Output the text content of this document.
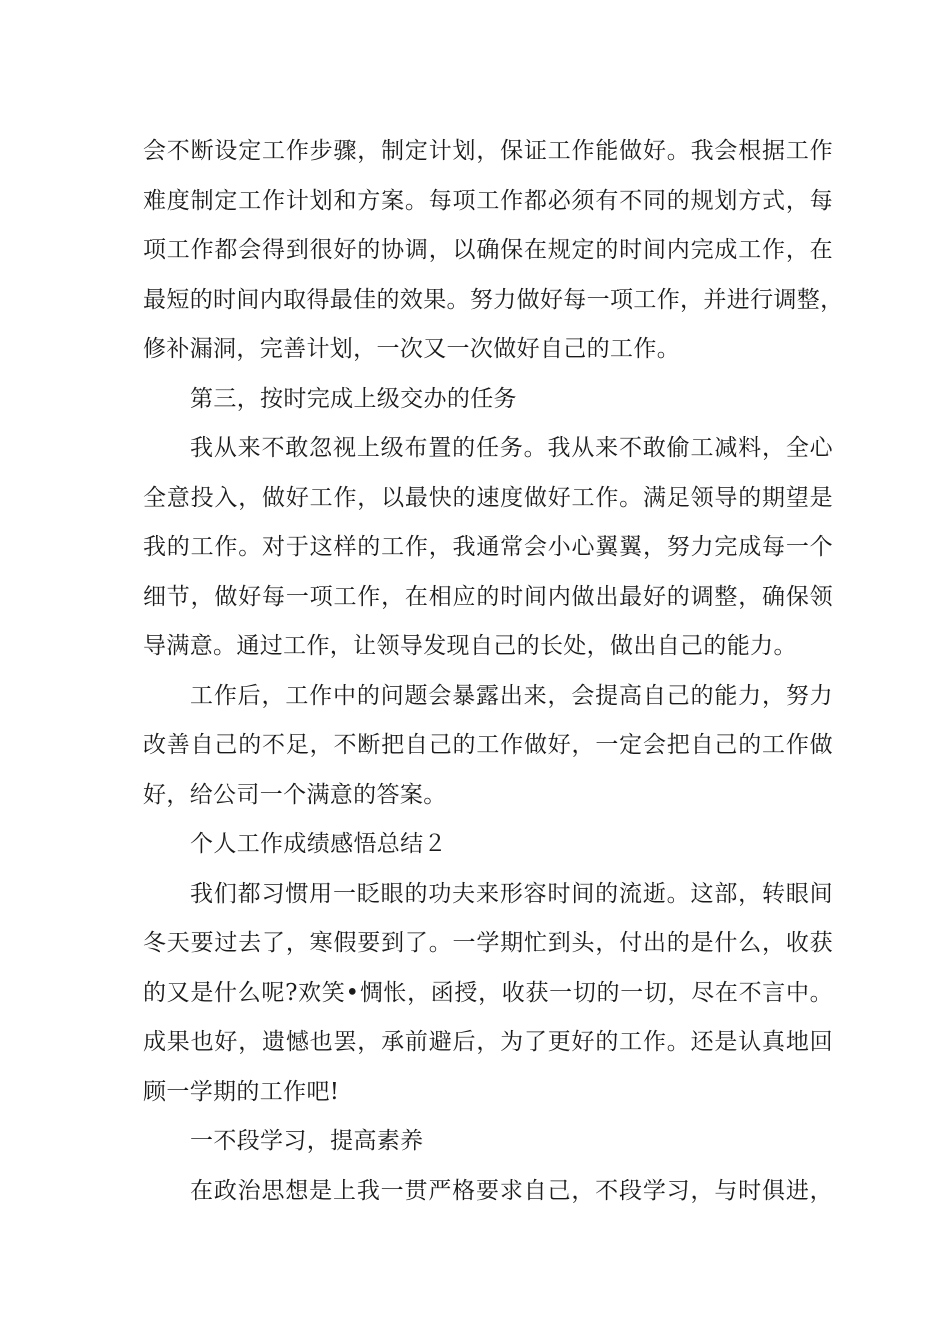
会不断设定工作步骤，制定计划，保证工作能做好。我会根据工作

难度制定工作计划和方案。每项工作都必须有不同的规划方式，每

项工作都会得到很好的协调，以确保在规定的时间内完成工作，在

最短的时间内取得最佳的效果。努力做好每一项工作，并进行调整，

修补漏洞，完善计划，一次又一次做好自己的工作。

第三，按时完成上级交办的任务

我从来不敢忽视上级布置的任务。我从来不敢偷工减料，全心

全意投入，做好工作，以最快的速度做好工作。满足领导的期望是

我的工作。对于这样的工作，我通常会小心翼翼，努力完成每一个

细节，做好每一项工作，在相应的时间内做出最好的调整，确保领

导满意。通过工作，让领导发现自己的长处，做出自己的能力。

工作后，工作中的问题会暴露出来，会提高自己的能力，努力

改善自己的不足，不断把自己的工作做好，一定会把自己的工作做

好，给公司一个满意的答案。

个人工作成绩感悟总结２

我们都习惯用一眨眼的功夫来形容时间的流逝。这部，转眼间

冬天要过去了，寒假要到了。一学期忙到头，付出的是什么，收获

的又是什么呢?欢笑•惆怅，函授，收获一切的一切，尽在不言中。

成果也好，遗憾也罢，承前避后，为了更好的工作。还是认真地回

顾一学期的工作吧!

一不段学习，提高素养

在政治思想是上我一贯严格要求自己，不段学习，与时俱进，
